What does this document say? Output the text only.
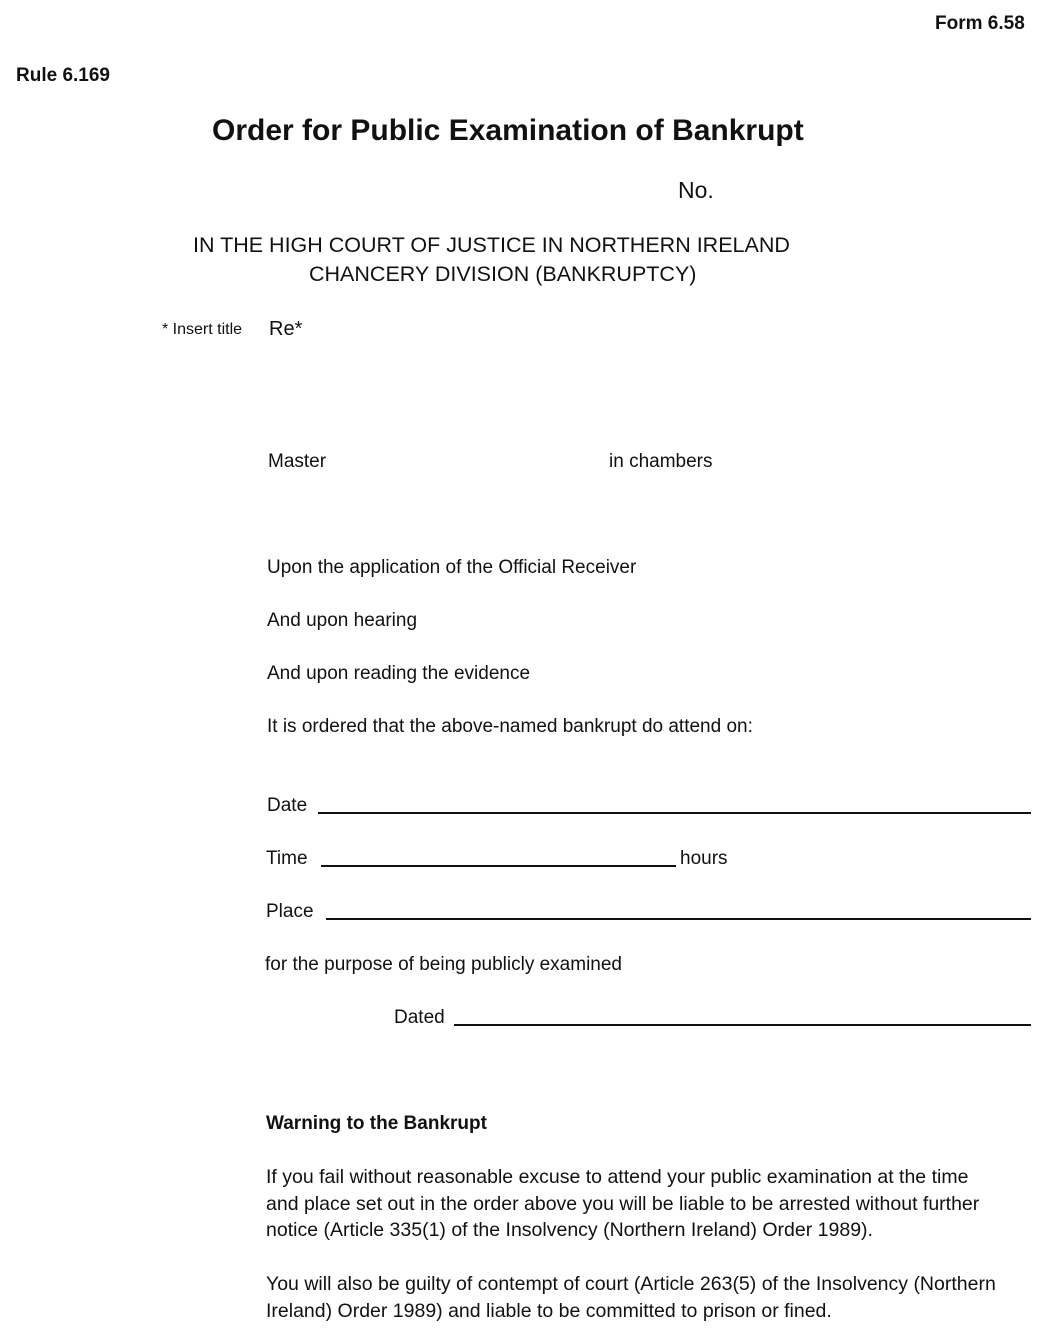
Form 6.58
Rule 6.169
Order for Public Examination of Bankrupt
No.
IN THE HIGH COURT OF JUSTICE IN NORTHERN IRELAND
CHANCERY DIVISION (BANKRUPTCY)
* Insert title Re*
Master	in chambers
Upon the application of the Official Receiver
And upon hearing
And upon reading the evidence
It is ordered that the above-named bankrupt do attend on:
Date
Time	hours
Place
for the purpose of being publicly examined
Dated
Warning to the Bankrupt
If you fail without reasonable excuse to attend your public examination at the time
and place set out in the order above you will be liable to be arrested without further
notice (Article 335(1) of the Insolvency (Northern Ireland) Order 1989).
You will also be guilty of contempt of court (Article 263(5) of the Insolvency (Northern
Ireland) Order 1989) and liable to be committed to prison or fined.
